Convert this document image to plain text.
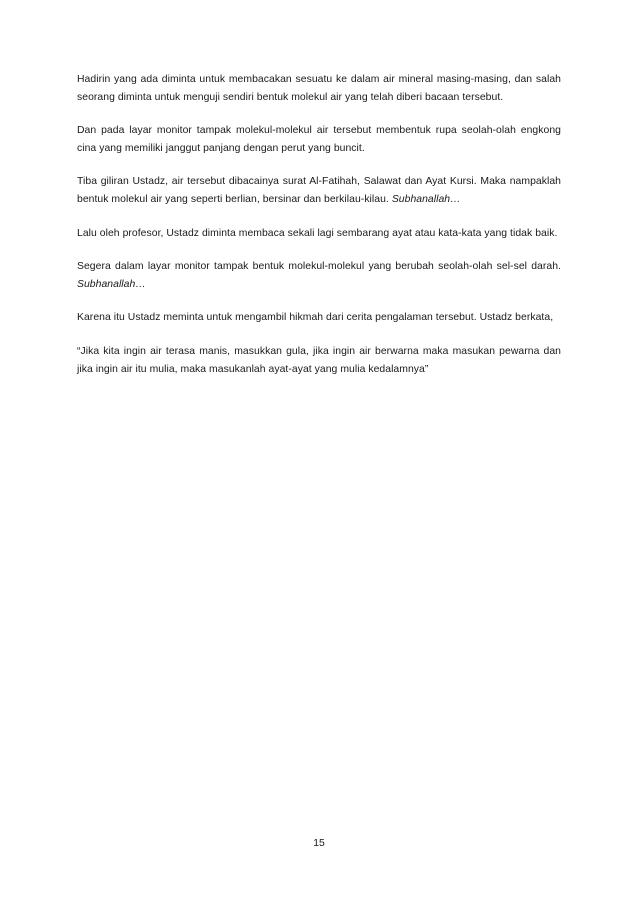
Hadirin yang ada diminta untuk membacakan sesuatu ke dalam air mineral masing-masing, dan salah seorang diminta untuk menguji sendiri bentuk molekul air yang telah diberi bacaan tersebut.

Dan pada layar monitor tampak molekul-molekul air tersebut membentuk rupa seolah-olah engkong cina yang memiliki janggut panjang dengan perut yang buncit.

Tiba giliran Ustadz, air tersebut dibacainya surat Al-Fatihah, Salawat dan Ayat Kursi. Maka nampaklah bentuk molekul air yang seperti berlian, bersinar dan berkilau-kilau. Subhanallah…

Lalu oleh profesor, Ustadz diminta membaca sekali lagi sembarang ayat atau kata-kata yang tidak baik.

Segera dalam layar monitor tampak bentuk molekul-molekul yang berubah seolah-olah sel-sel darah. Subhanallah…

Karena itu Ustadz meminta untuk mengambil hikmah dari cerita pengalaman tersebut. Ustadz berkata,

“Jika kita ingin air terasa manis, masukkan gula, jika ingin air berwarna maka masukan pewarna dan jika ingin air itu mulia, maka masukanlah ayat-ayat yang mulia kedalamnya”

15
